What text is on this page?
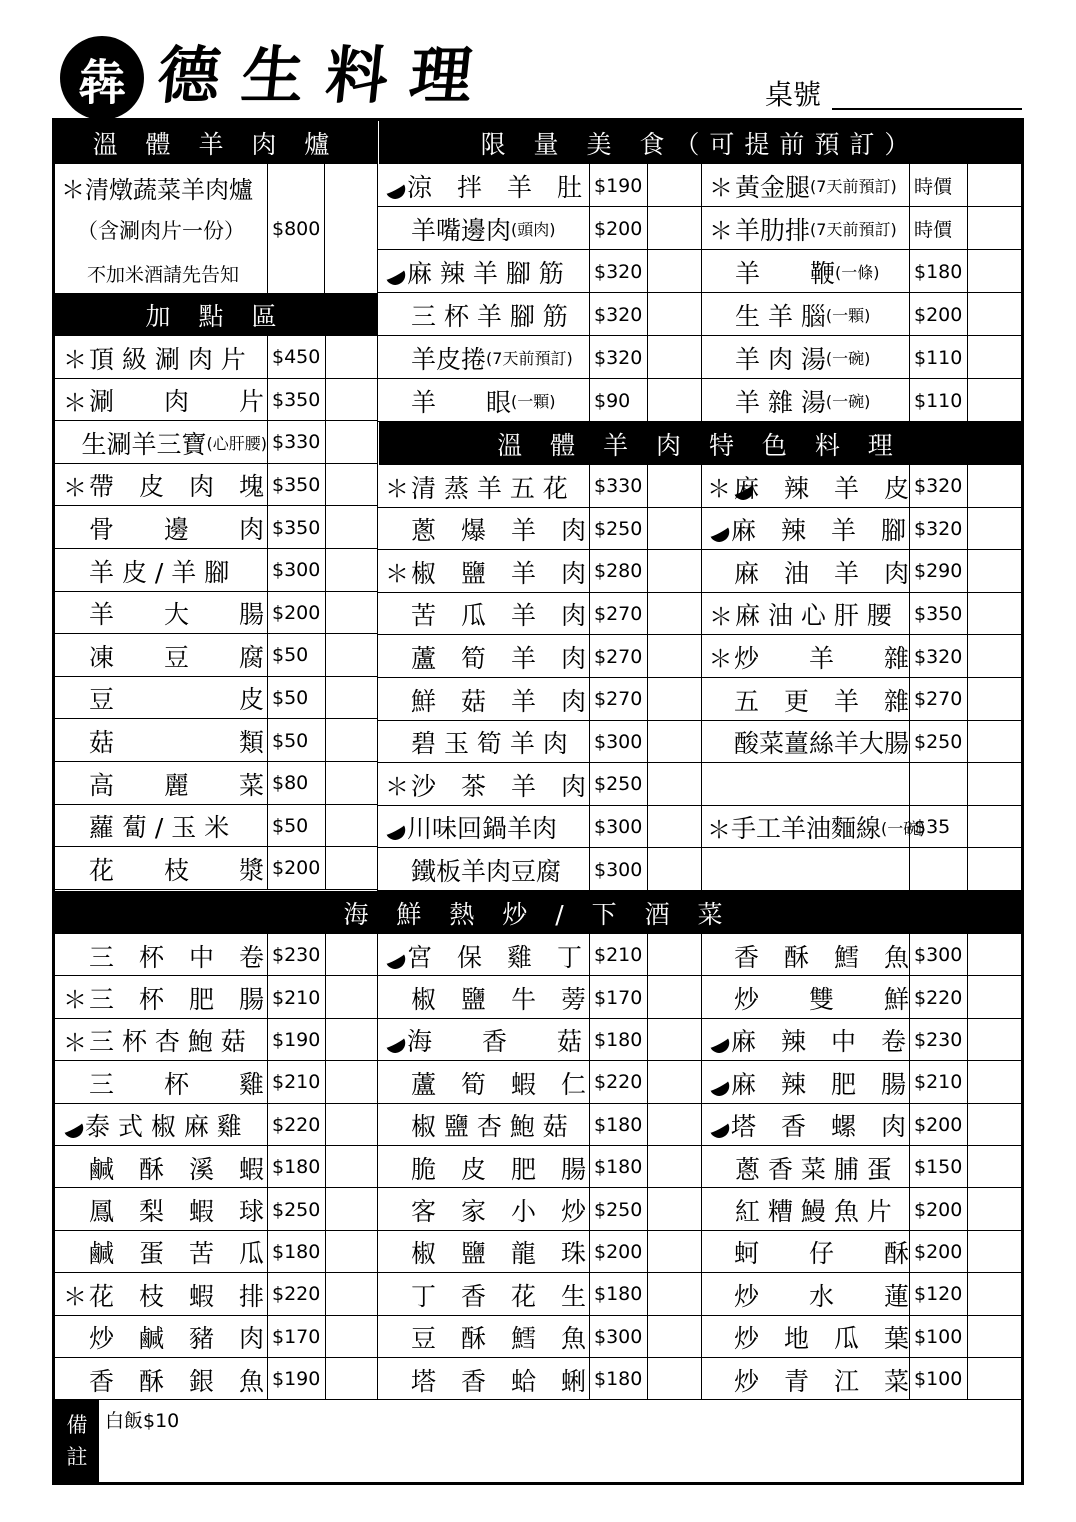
犇 德生料理	桌號
溫 體 羊 肉 爐	限 量 美 食（可提前預訂）
＊清燉蔬菜羊肉爐
（含涮肉片一份）
不加米酒請先告知
$800
加 點 區
＊ 頂 級 涮 肉 片 $450
＊ 涮　　肉　　片 $350
生涮羊三寶 (心肝腰) $330
＊ 帶　皮　肉　塊 $350
骨　　邊　　肉 $350
羊 皮 / 羊 腳 $300
羊　　大　　腸 $200
凍　　豆　　腐 $50
豆　　　　　皮 $50
菇　　　　　類 $50
高　　麗　　菜 $80
蘿 蔔 / 玉 米 $50
花　　枝　　漿 $200
涼　拌　羊　肚 $190
羊嘴邊肉 (頭肉) $200
麻 辣 羊 腳 筋 $320
三 杯 羊 腳 筋 $320
羊皮捲 (7天前預訂) $320
羊　　眼 (一顆) $90
＊ 黃金腿 (7天前預訂) 時價
＊ 羊肋排 (7天前預訂) 時價
羊　　鞭 (一條) $180
生 羊 腦 (一顆) $200
羊 肉 湯 (一碗) $110
羊 雜 湯 (一碗) $110
溫 體 羊 肉 特 色 料 理
＊ 清 蒸 羊 五 花 $330
蔥　爆　羊　肉 $250
＊ 椒　鹽　羊　肉 $280
苦　瓜　羊　肉 $270
蘆　筍　羊　肉 $270
鮮　菇　羊　肉 $270
碧 玉 筍 羊 肉 $300
＊ 沙　茶　羊　肉 $250
川味回鍋羊肉 $300
鐵板羊肉豆腐 $300
＊ 麻　辣　羊　皮 $320
麻　辣　羊　腳 $320
麻　油　羊　肉 $290
＊ 麻 油 心 肝 腰 $350
＊ 炒　　羊　　雜 $320
五　更　羊　雜 $270
酸菜薑絲羊大腸 $250
＊ 手工羊油麵線 (一碗)
$35
海 鮮 熱 炒 / 下 酒 菜
三　杯　中　卷 $230
＊ 三　杯　肥　腸 $210
＊ 三 杯 杏 鮑 菇 $190
三　　杯　　雞 $210
泰 式 椒 麻 雞 $220
鹹　酥　溪　蝦 $180
鳳　梨　蝦　球 $250
鹹　蛋　苦　瓜 $180
＊ 花　枝　蝦　排 $220
炒　鹹　豬　肉 $170
香　酥　銀　魚 $190
宮　保　雞　丁 $210
椒　鹽　牛　蒡 $170
海　　香　　菇 $180
蘆　筍　蝦　仁 $220
椒 鹽 杏 鮑 菇 $180
脆　皮　肥　腸 $180
客　家　小　炒 $250
椒　鹽　龍　珠 $200
丁　香　花　生 $180
豆　酥　鱈　魚 $300
塔　香　蛤　蜊 $180
香　酥　鱈　魚 $300
炒　　雙　　鮮 $220
麻　辣　中　卷 $230
麻　辣　肥　腸 $210
塔　香　螺　肉 $200
蔥 香 菜 脯 蛋 $150
紅 糟 鰻 魚 片 $200
蚵　　仔　　酥 $200
炒　　水　　蓮 $120
炒　地　瓜　葉 $100
炒　青　江　菜 $100
備
註
白飯$10
